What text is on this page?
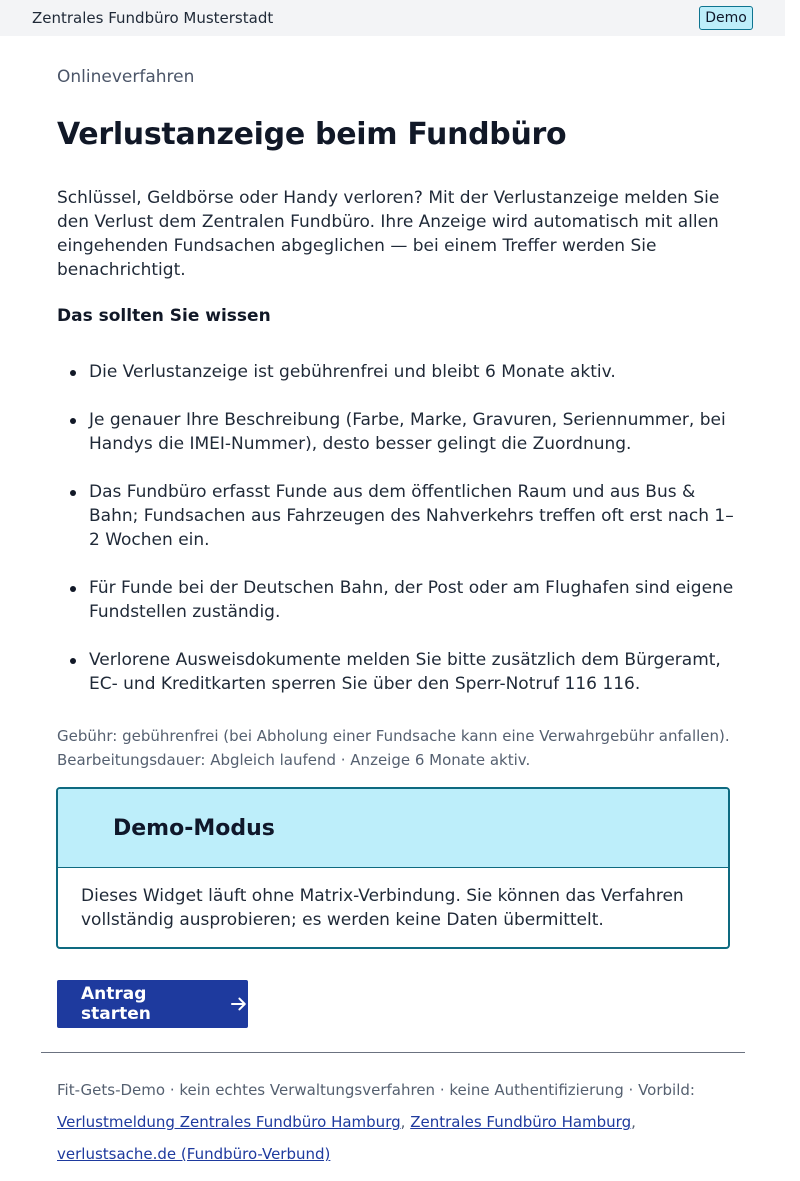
Zentrales Fundbüro Musterstadt	Demo
Onlineverfahren
Verlustanzeige beim Fundbüro

Schlüssel, Geldbörse oder Handy verloren? Mit der Verlustanzeige melden Sie den Verlust dem Zentralen Fundbüro. Ihre Anzeige wird automatisch mit allen eingehenden Fundsachen abgeglichen — bei einem Treffer werden Sie benachrichtigt.

Das sollten Sie wissen
Die Verlustanzeige ist gebührenfrei und bleibt 6 Monate aktiv.
Je genauer Ihre Beschreibung (Farbe, Marke, Gravuren, Seriennummer, bei Handys die IMEI-Nummer), desto besser gelingt die Zuordnung.
Das Fundbüro erfasst Funde aus dem öffentlichen Raum und aus Bus & Bahn; Fundsachen aus Fahrzeugen des Nahverkehrs treffen oft erst nach 1–2 Wochen ein.
Für Funde bei der Deutschen Bahn, der Post oder am Flughafen sind eigene Fundstellen zuständig.
Verlorene Ausweisdokumente melden Sie bitte zusätzlich dem Bürgeramt, EC- und Kreditkarten sperren Sie über den Sperr-Notruf 116 116.
Gebühr: gebührenfrei (bei Abholung einer Fundsache kann eine Verwahrgebühr anfallen).
Bearbeitungsdauer: Abgleich laufend · Anzeige 6 Monate aktiv.
Demo-Modus

Dieses Widget läuft ohne Matrix-Verbindung. Sie können das Verfahren vollständig ausprobieren; es werden keine Daten übermittelt.

Antrag starten
Fit-Gets-Demo · kein echtes Verwaltungsverfahren · keine Authentifizierung · Vorbild:
Verlustmeldung Zentrales Fundbüro Hamburg, Zentrales Fundbüro Hamburg,
verlustsache.de (Fundbüro-Verbund)
